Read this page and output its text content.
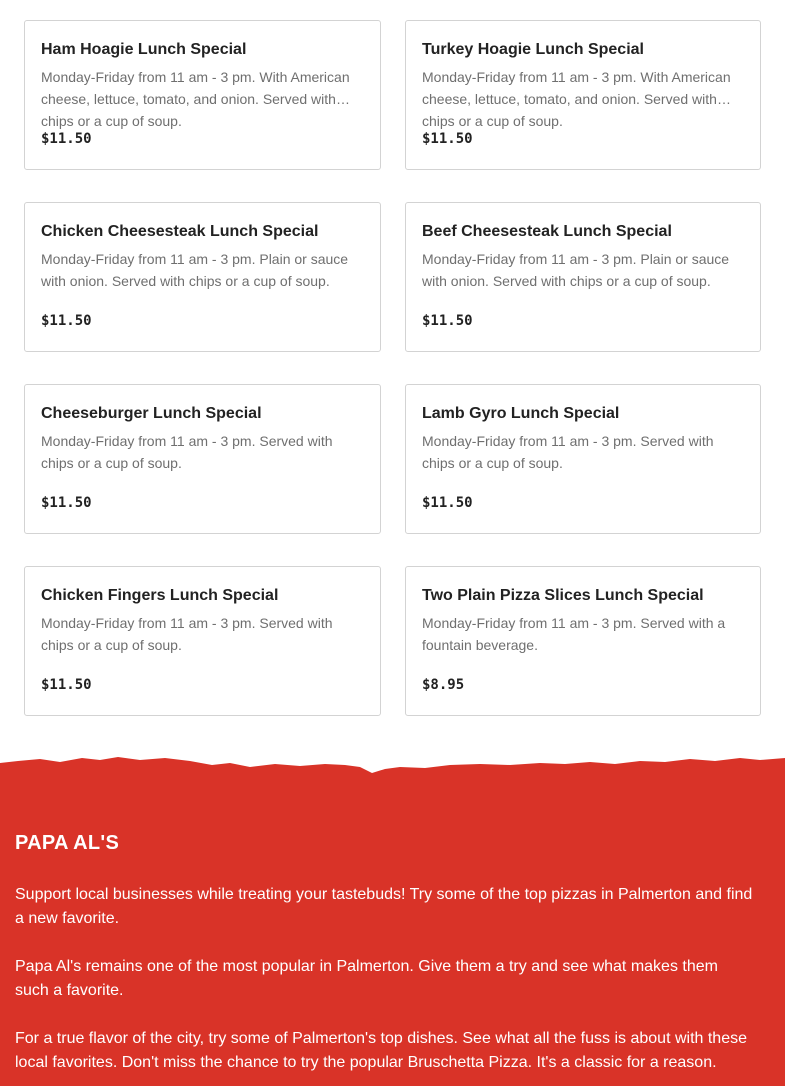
Ham Hoagie Lunch Special
Monday-Friday from 11 am - 3 pm. With American cheese, lettuce, tomato, and onion. Served with chips or a cup of soup.
$11.50
Turkey Hoagie Lunch Special
Monday-Friday from 11 am - 3 pm. With American cheese, lettuce, tomato, and onion. Served with chips or a cup of soup.
$11.50
Chicken Cheesesteak Lunch Special
Monday-Friday from 11 am - 3 pm. Plain or sauce with onion. Served with chips or a cup of soup.
$11.50
Beef Cheesesteak Lunch Special
Monday-Friday from 11 am - 3 pm. Plain or sauce with onion. Served with chips or a cup of soup.
$11.50
Cheeseburger Lunch Special
Monday-Friday from 11 am - 3 pm. Served with chips or a cup of soup.
$11.50
Lamb Gyro Lunch Special
Monday-Friday from 11 am - 3 pm. Served with chips or a cup of soup.
$11.50
Chicken Fingers Lunch Special
Monday-Friday from 11 am - 3 pm. Served with chips or a cup of soup.
$11.50
Two Plain Pizza Slices Lunch Special
Monday-Friday from 11 am - 3 pm. Served with a fountain beverage.
$8.95
PAPA AL'S
Support local businesses while treating your tastebuds! Try some of the top pizzas in Palmerton and find a new favorite.
Papa Al's remains one of the most popular in Palmerton. Give them a try and see what makes them such a favorite.
For a true flavor of the city, try some of Palmerton's top dishes. See what all the fuss is about with these local favorites. Don't miss the chance to try the popular Bruschetta Pizza. It's a classic for a reason.
